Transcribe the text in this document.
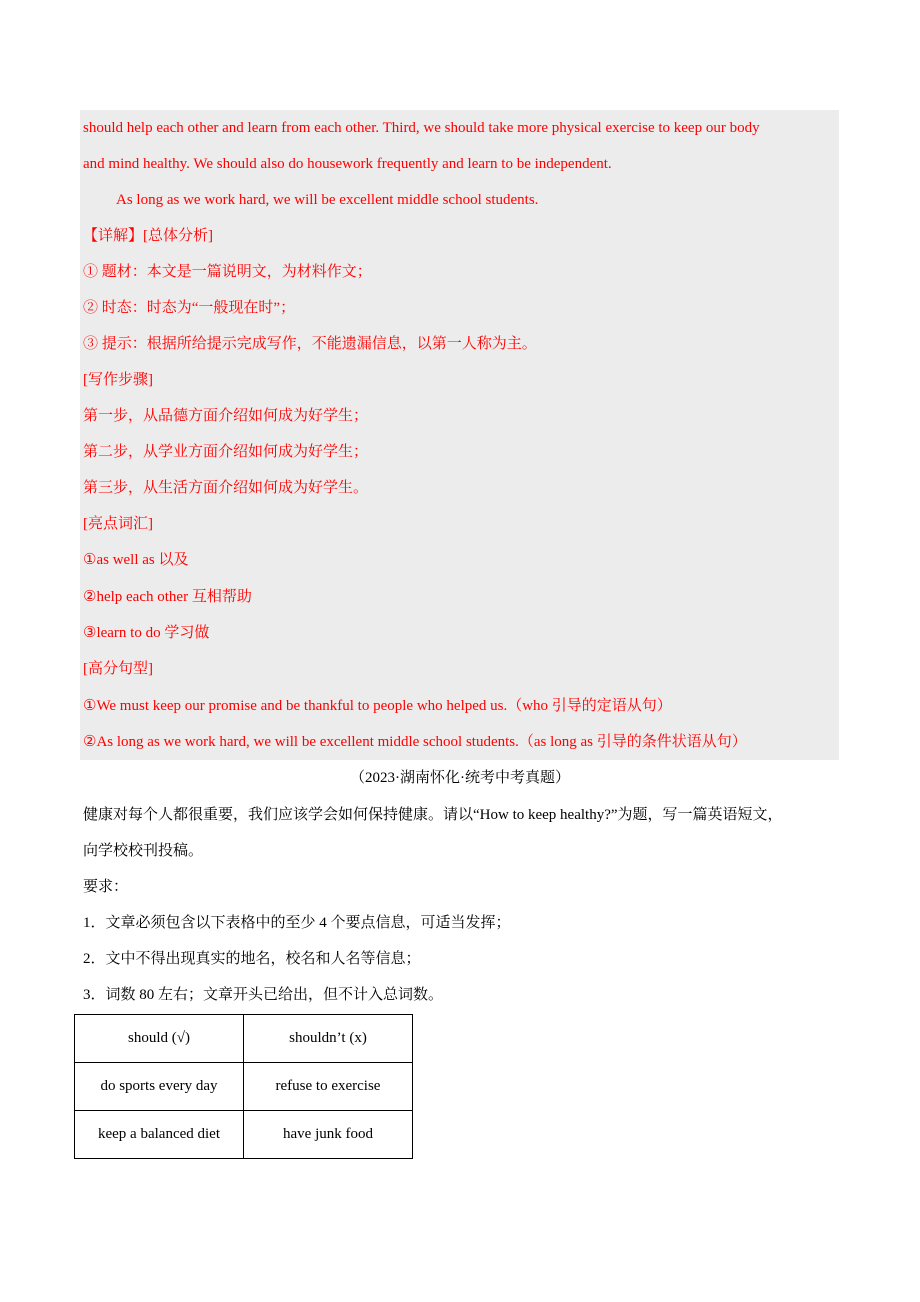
should help each other and learn from each other. Third, we should take more physical exercise to keep our body
and mind healthy. We should also do housework frequently and learn to be independent.
As long as we work hard, we will be excellent middle school students.
【详解】[总体分析]
① 题材：本文是一篇说明文，为材料作文；
② 时态：时态为“一般现在时”；
③ 提示：根据所给提示完成写作，不能遗漏信息，以第一人称为主。
[写作步骤]
第一步，从品德方面介绍如何成为好学生；
第二步，从学业方面介绍如何成为好学生；
第三步，从生活方面介绍如何成为好学生。
[亮点词汇]
①as well as 以及
②help each other 互相帮助
③learn to do 学习做
[高分句型]
①We must keep our promise and be thankful to people who helped us.（who 引导的定语从句）
②As long as we work hard, we will be excellent middle school students.（as long as 引导的条件状语从句）
（2023·湖南怀化·统考中考真题）
健康对每个人都很重要，我们应该学会如何保持健康。请以“How to keep healthy?”为题，写一篇英语短文，
向学校校刊投稿。
要求：
1．文章必须包含以下表格中的至少 4 个要点信息，可适当发挥；
2．文中不得出现真实的地名，校名和人名等信息；
3．词数 80 左右；文章开头已给出，但不计入总词数。
should (√)	shouldn’t (x)
do sports every day	refuse to exercise
keep a balanced diet	have junk food
